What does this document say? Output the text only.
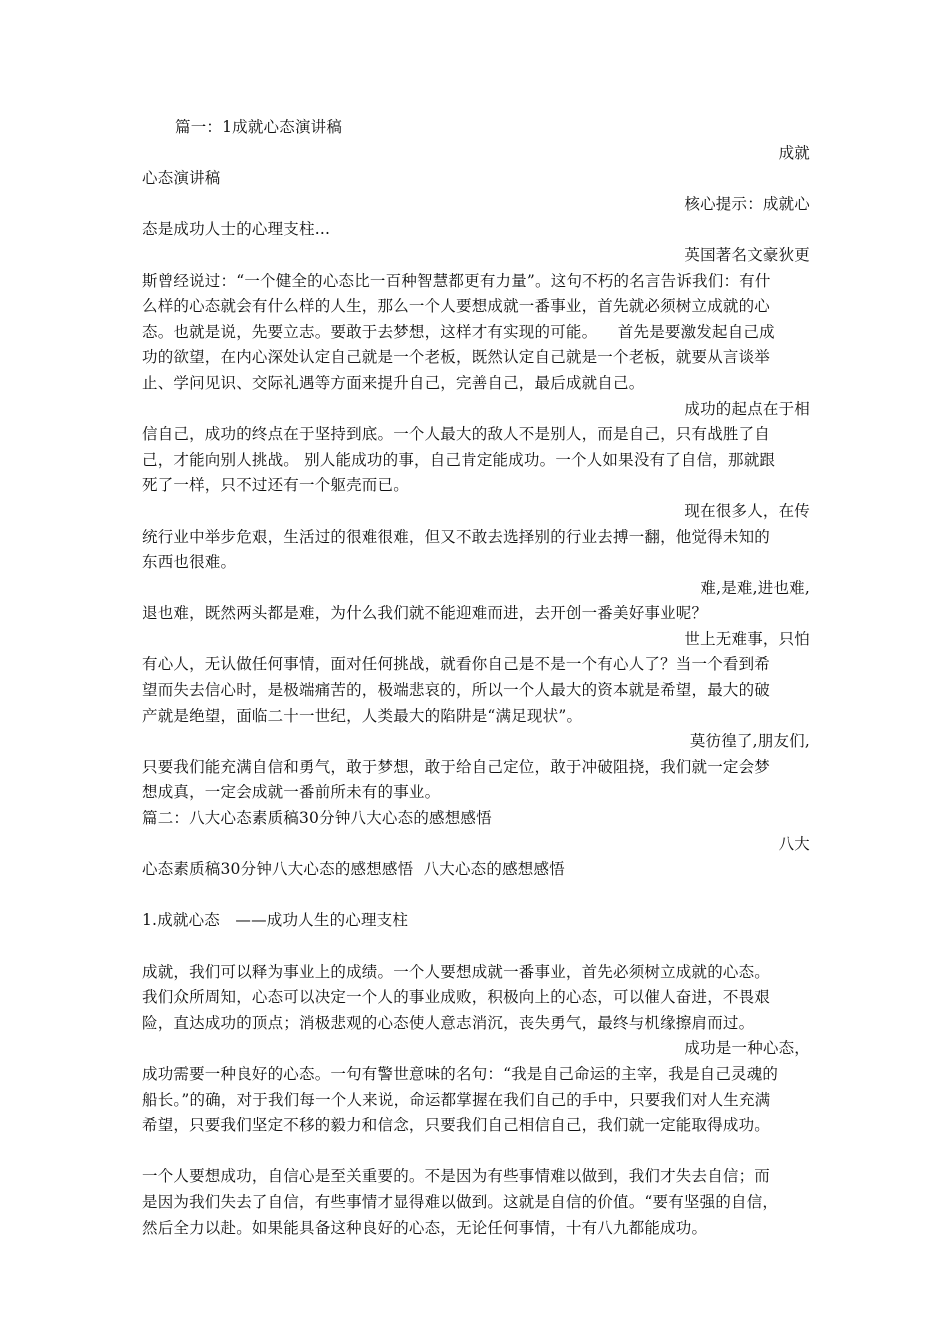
篇一：1成就心态演讲稿
成就
心态演讲稿
核心提示：成就心
态是成功人士的心理支柱...
英国著名文豪狄更
斯曾经说过：“一个健全的心态比一百种智慧都更有力量”。这句不朽的名言告诉我们：有什
么样的心态就会有什么样的人生，那么一个人要想成就一番事业，首先就必须树立成就的心
态。也就是说，先要立志。要敢于去梦想，这样才有实现的可能。    首先是要激发起自己成
功的欲望，在内心深处认定自己就是一个老板，既然认定自己就是一个老板，就要从言谈举
止、学问见识、交际礼遇等方面来提升自己，完善自己，最后成就自己。
成功的起点在于相
信自己，成功的终点在于坚持到底。一个人最大的敌人不是别人，而是自己，只有战胜了自
己，才能向别人挑战。 别人能成功的事，自己肯定能成功。一个人如果没有了自信，那就跟
死了一样，只不过还有一个躯壳而已。
现在很多人，在传
统行业中举步危艰，生活过的很难很难，但又不敢去选择别的行业去搏一翻，他觉得未知的
东西也很难。
难,是难,进也难,
退也难，既然两头都是难，为什么我们就不能迎难而进，去开创一番美好事业呢？
世上无难事，只怕
有心人，无认做任何事情，面对任何挑战，就看你自己是不是一个有心人了？当一个看到希
望而失去信心时，是极端痛苦的，极端悲哀的，所以一个人最大的资本就是希望，最大的破
产就是绝望，面临二十一世纪，人类最大的陷阱是“满足现状”。
莫彷徨了,朋友们,
只要我们能充满自信和勇气，敢于梦想，敢于给自己定位，敢于冲破阻挠，我们就一定会梦
想成真，一定会成就一番前所未有的事业。
篇二：八大心态素质稿30分钟八大心态的感想感悟
八大
心态素质稿30分钟八大心态的感想感悟  八大心态的感想感悟
1.成就心态   ——成功人生的心理支柱
成就，我们可以释为事业上的成绩。一个人要想成就一番事业，首先必须树立成就的心态。
我们众所周知，心态可以决定一个人的事业成败，积极向上的心态，可以催人奋进，不畏艰
险，直达成功的顶点；消极悲观的心态使人意志消沉，丧失勇气，最终与机缘擦肩而过。
成功是一种心态，
成功需要一种良好的心态。一句有警世意味的名句：“我是自己命运的主宰，我是自己灵魂的
船长。”的确，对于我们每一个人来说，命运都掌握在我们自己的手中，只要我们对人生充满
希望，只要我们坚定不移的毅力和信念，只要我们自己相信自己，我们就一定能取得成功。
一个人要想成功，自信心是至关重要的。不是因为有些事情难以做到，我们才失去自信；而
是因为我们失去了自信，有些事情才显得难以做到。这就是自信的价值。“要有坚强的自信，
然后全力以赴。如果能具备这种良好的心态，无论任何事情，十有八九都能成功。
